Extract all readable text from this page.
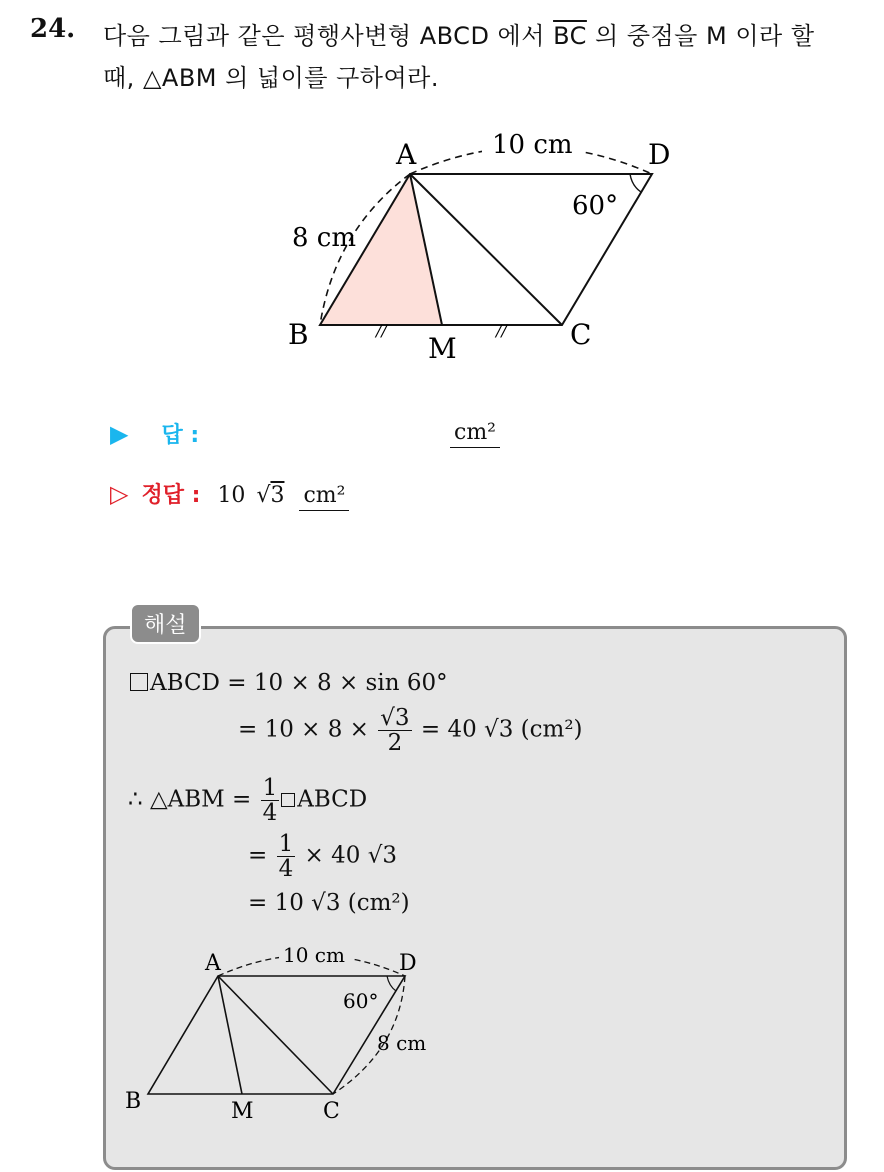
24. 다음 그림과 같은 평행사변형 ABCD 에서 $\overline{BC}$ 의 중점을 M 이라 할
때, △ABM 의 넓이를 구하여라.
A	D
B	C
M
10 cm
8 cm
60°
//	//
▶ 답 :	cm²
▷ 정답 : 10 √3 cm²
해설
ABCD = 10 × 8 × sin 60°
= $10 \times 8 \times \frac{√3}{2} = 40$ √3 (cm²)
∴ △ABM = $\frac{1}{4}$ ABCD
= $\frac{1}{4} \times 40$ √3
= 10 √3 (cm²)
A	D
B	C
M
10 cm
8 cm
60°
